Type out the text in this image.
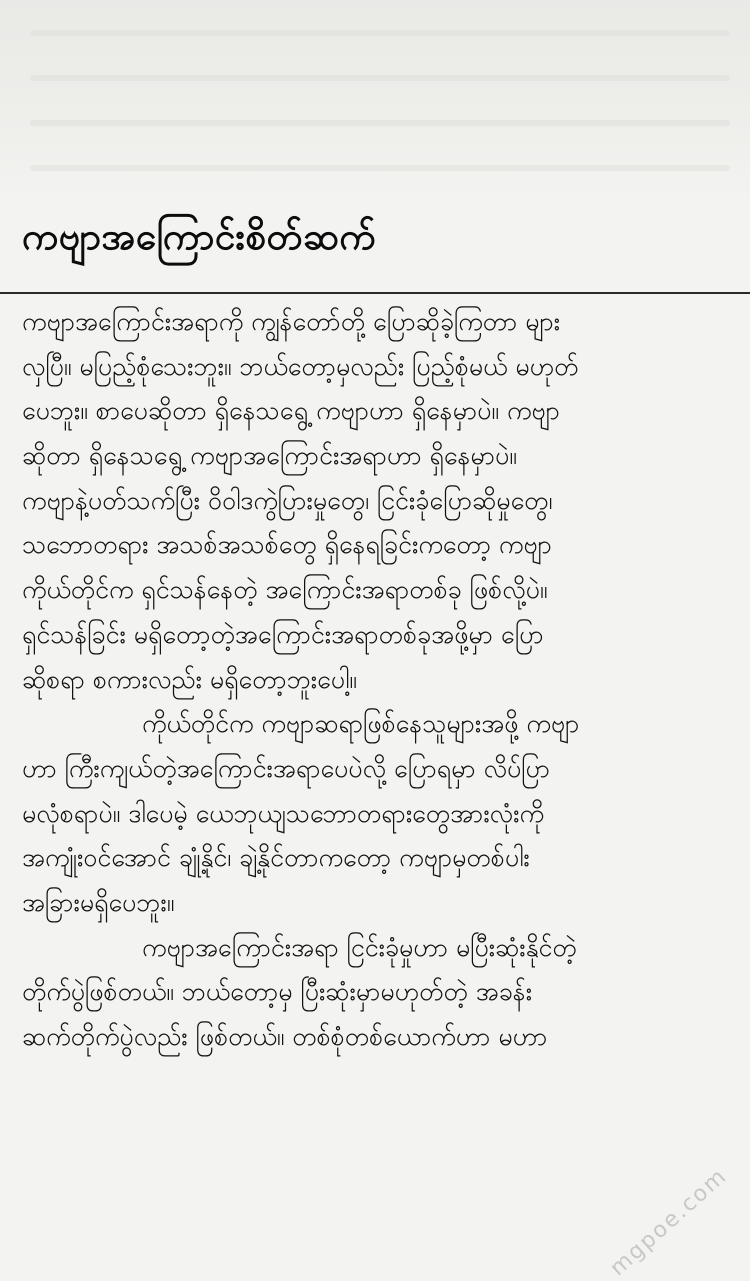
ကဗျာအကြောင်းစိတ်ဆက်
ကဗျာအကြောင်းအရာကို ကျွန်တော်တို့ ပြောဆိုခဲ့ကြတာ များ
လှပြီ။ မပြည့်စုံသေးဘူး။ ဘယ်တော့မှလည်း ပြည့်စုံမယ် မဟုတ်
ပေဘူး။ စာပေဆိုတာ ရှိနေသရွေ့ ကဗျာဟာ ရှိနေမှာပဲ။ ကဗျာ
ဆိုတာ ရှိနေသရွေ့ ကဗျာအကြောင်းအရာဟာ ရှိနေမှာပဲ။
ကဗျာနဲ့ပတ်သက်ပြီး ဝိဝါဒကွဲပြားမှုတွေ၊ ငြင်းခုံပြောဆိုမှုတွေ၊
သဘောတရား အသစ်အသစ်တွေ ရှိနေရခြင်းကတော့ ကဗျာ
ကိုယ်တိုင်က ရှင်သန်နေတဲ့ အကြောင်းအရာတစ်ခု ဖြစ်လို့ပဲ။
ရှင်သန်ခြင်း မရှိတော့တဲ့အကြောင်းအရာတစ်ခုအဖို့မှာ ပြော
ဆိုစရာ စကားလည်း မရှိတော့ဘူးပေါ့။
ကိုယ်တိုင်က ကဗျာဆရာဖြစ်နေသူများအဖို့ ကဗျာ
ဟာ ကြီးကျယ်တဲ့အကြောင်းအရာပေပဲလို့ ပြောရမှာ လိပ်ပြာ
မလုံစရာပဲ။ ဒါပေမဲ့ ယေဘုယျသဘောတရားတွေအားလုံးကို
အကျုံးဝင်အောင် ချုံ့နိုင်၊ ချဲ့နိုင်တာကတော့ ကဗျာမှတစ်ပါး
အခြားမရှိပေဘူး။
ကဗျာအကြောင်းအရာ ငြင်းခုံမှုဟာ မပြီးဆုံးနိုင်တဲ့
တိုက်ပွဲဖြစ်တယ်။ ဘယ်တော့မှ ပြီးဆုံးမှာမဟုတ်တဲ့ အခန်း
ဆက်တိုက်ပွဲလည်း ဖြစ်တယ်။ တစ်စုံတစ်ယောက်ဟာ မဟာ
mgpoe.com
